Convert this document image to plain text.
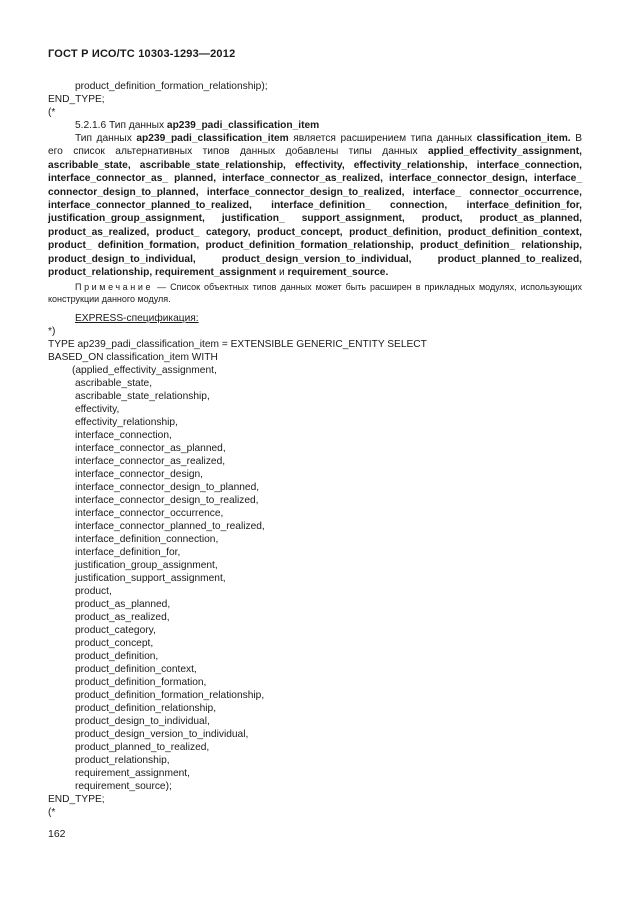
ГОСТ Р ИСО/ТС 10303-1293—2012
product_definition_formation_relationship);
END_TYPE;
(*
5.2.1.6 Тип данных ap239_padi_classification_item
Тип данных ap239_padi_classification_item является расширением типа данных classification_item. В его список альтернативных типов данных добавлены типы данных applied_effectivity_assignment, ascribable_state, ascribable_state_relationship, effectivity, effectivity_relationship, interface_connection, interface_connector_as_ planned, interface_connector_as_realized, interface_connector_design, interface_ connector_design_to_planned, interface_connector_design_to_realized, interface_ connector_occurrence, interface_connector_planned_to_realized, interface_definition_ connection, interface_definition_for, justification_group_assignment, justification_ support_assignment, product, product_as_planned, product_as_realized, product_ category, product_concept, product_definition, product_definition_context, product_ definition_formation, product_definition_formation_relationship, product_definition_ relationship, product_design_to_individual, product_design_version_to_individual, product_planned_to_realized, product_relationship, requirement_assignment и requirement_source.
Примечание — Список объектных типов данных может быть расширен в прикладных модулях, использующих конструкции данного модуля.
EXPRESS-спецификация:
*)
TYPE ap239_padi_classification_item = EXTENSIBLE GENERIC_ENTITY SELECT
BASED_ON classification_item WITH
(applied_effectivity_assignment,
ascribable_state,
ascribable_state_relationship,
effectivity,
effectivity_relationship,
interface_connection,
interface_connector_as_planned,
interface_connector_as_realized,
interface_connector_design,
interface_connector_design_to_planned,
interface_connector_design_to_realized,
interface_connector_occurrence,
interface_connector_planned_to_realized,
interface_definition_connection,
interface_definition_for,
justification_group_assignment,
justification_support_assignment,
product,
product_as_planned,
product_as_realized,
product_category,
product_concept,
product_definition,
product_definition_context,
product_definition_formation,
product_definition_formation_relationship,
product_definition_relationship,
product_design_to_individual,
product_design_version_to_individual,
product_planned_to_realized,
product_relationship,
requirement_assignment,
requirement_source);
END_TYPE;
(*
162
